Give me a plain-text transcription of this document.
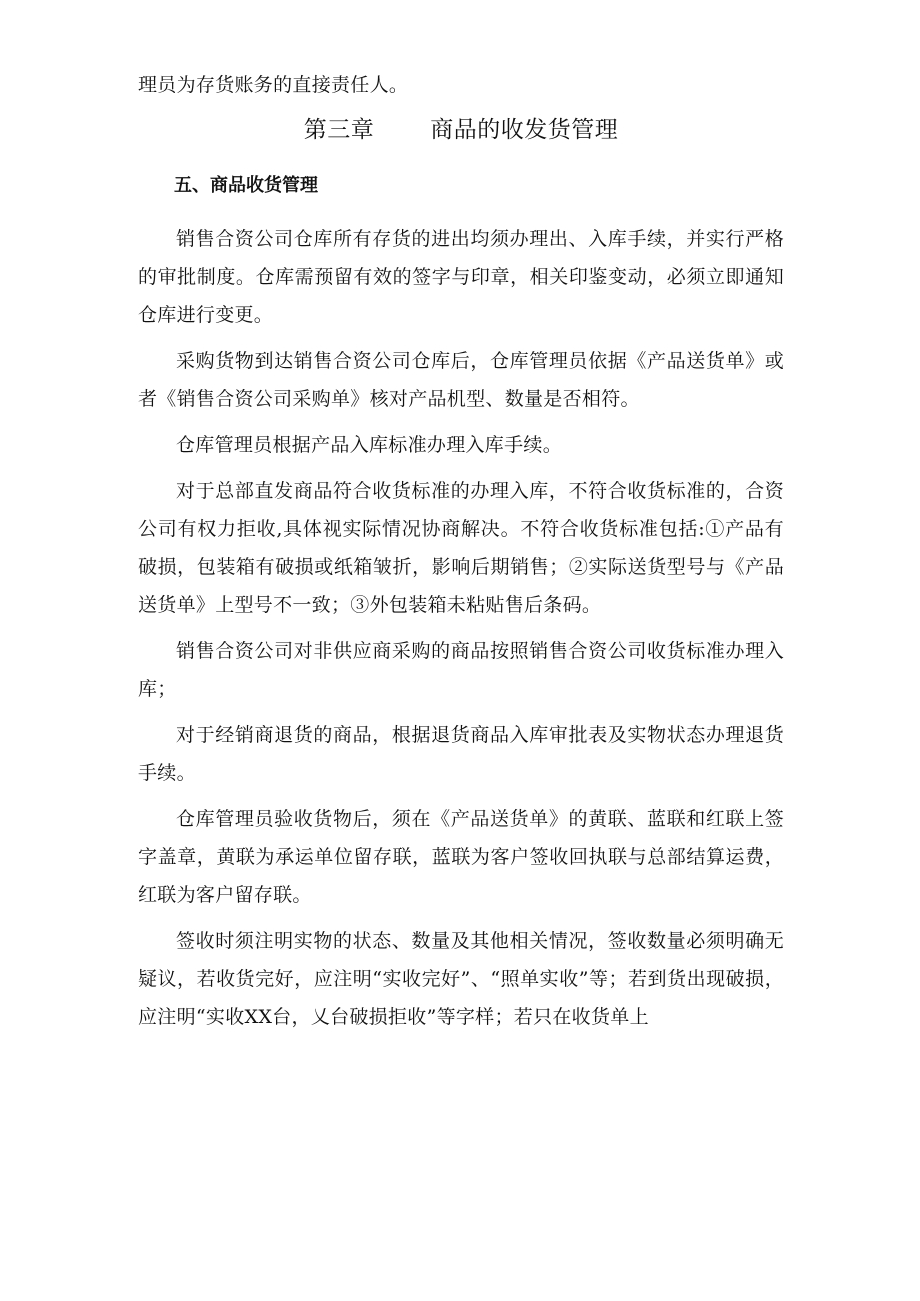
理员为存货账务的直接责任人。

第三章 商品的收发货管理
五、商品收货管理

销售合资公司仓库所有存货的进出均须办理出、入库手续，并实行严格的审批制度。仓库需预留有效的签字与印章，相关印鉴变动，必须立即通知仓库进行变更。

采购货物到达销售合资公司仓库后，仓库管理员依据《产品送货单》或者《销售合资公司采购单》核对产品机型、数量是否相符。

仓库管理员根据产品入库标准办理入库手续。

对于总部直发商品符合收货标准的办理入库，不符合收货标准的，合资公司有权力拒收,具体视实际情况协商解决。不符合收货标准包括:①产品有破损，包装箱有破损或纸箱皱折，影响后期销售；②实际送货型号与《产品送货单》上型号不一致；③外包装箱未粘贴售后条码。

销售合资公司对非供应商采购的商品按照销售合资公司收货标准办理入库；

对于经销商退货的商品，根据退货商品入库审批表及实物状态办理退货手续。

仓库管理员验收货物后，须在《产品送货单》的黄联、蓝联和红联上签字盖章，黄联为承运单位留存联，蓝联为客户签收回执联与总部结算运费，红联为客户留存联。

签收时须注明实物的状态、数量及其他相关情况，签收数量必须明确无疑议，若收货完好，应注明“实收完好”、“照单实收”等；若到货出现破损，应注明“实收XX台，乂台破损拒收”等字样；若只在收货单上
